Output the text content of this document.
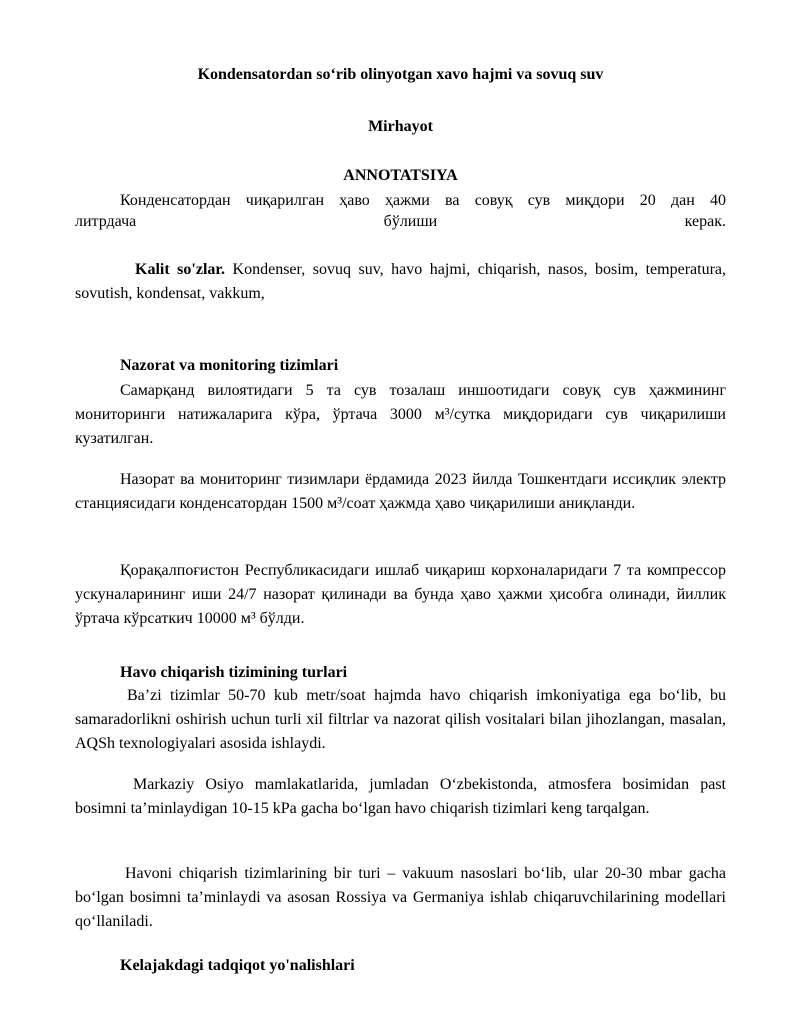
Kondensatordan so‘rib olinyotgan xavo hajmi va sovuq suv
Mirhayot
ANNOTATSIYA

Конденсатордан чиқарилган ҳаво ҳажми ва совуқ сув миқдори 20 дан 40

литрдача	бўлиши	керак.

Kalit so'zlar. Kondenser, sovuq suv, havo hajmi, chiqarish, nasos, bosim, temperatura, sovutish, kondensat, vakkum,

Nazorat va monitoring tizimlari

Самарқанд вилоятидаги 5 та сув тозалаш иншоотидаги совуқ сув ҳажмининг мониторинги натижаларига кўра, ўртача 3000 м³/сутка миқдоридаги сув чиқарилиши кузатилган.

Назорат ва мониторинг тизимлари ёрдамида 2023 йилда Тошкентдаги иссиқлик электр станциясидаги конденсатордан 1500 м³/соат ҳажмда ҳаво чиқарилиши аниқланди.

Қорақалпоғистон Республикасидаги ишлаб чиқариш корхоналаридаги 7 та компрессор ускуналарининг иши 24/7 назорат қилинади ва бунда ҳаво ҳажми ҳисобга олинади, йиллик ўртача кўрсаткич 10000 м³ бўлди.

Havo chiqarish tizimining turlari

Ba’zi tizimlar 50-70 kub metr/soat hajmda havo chiqarish imkoniyatiga ega bo‘lib, bu samaradorlikni oshirish uchun turli xil filtrlar va nazorat qilish vositalari bilan jihozlangan, masalan, AQSh texnologiyalari asosida ishlaydi.

Markaziy Osiyo mamlakatlarida, jumladan O‘zbekistonda, atmosfera bosimidan past bosimni ta’minlaydigan 10-15 kPa gacha bo‘lgan havo chiqarish tizimlari keng tarqalgan.

Havoni chiqarish tizimlarining bir turi – vakuum nasoslari bo‘lib, ular 20-30 mbar gacha bo‘lgan bosimni ta’minlaydi va asosan Rossiya va Germaniya ishlab chiqaruvchilarining modellari qo‘llaniladi.

Kelajakdagi tadqiqot yo'nalishlari
